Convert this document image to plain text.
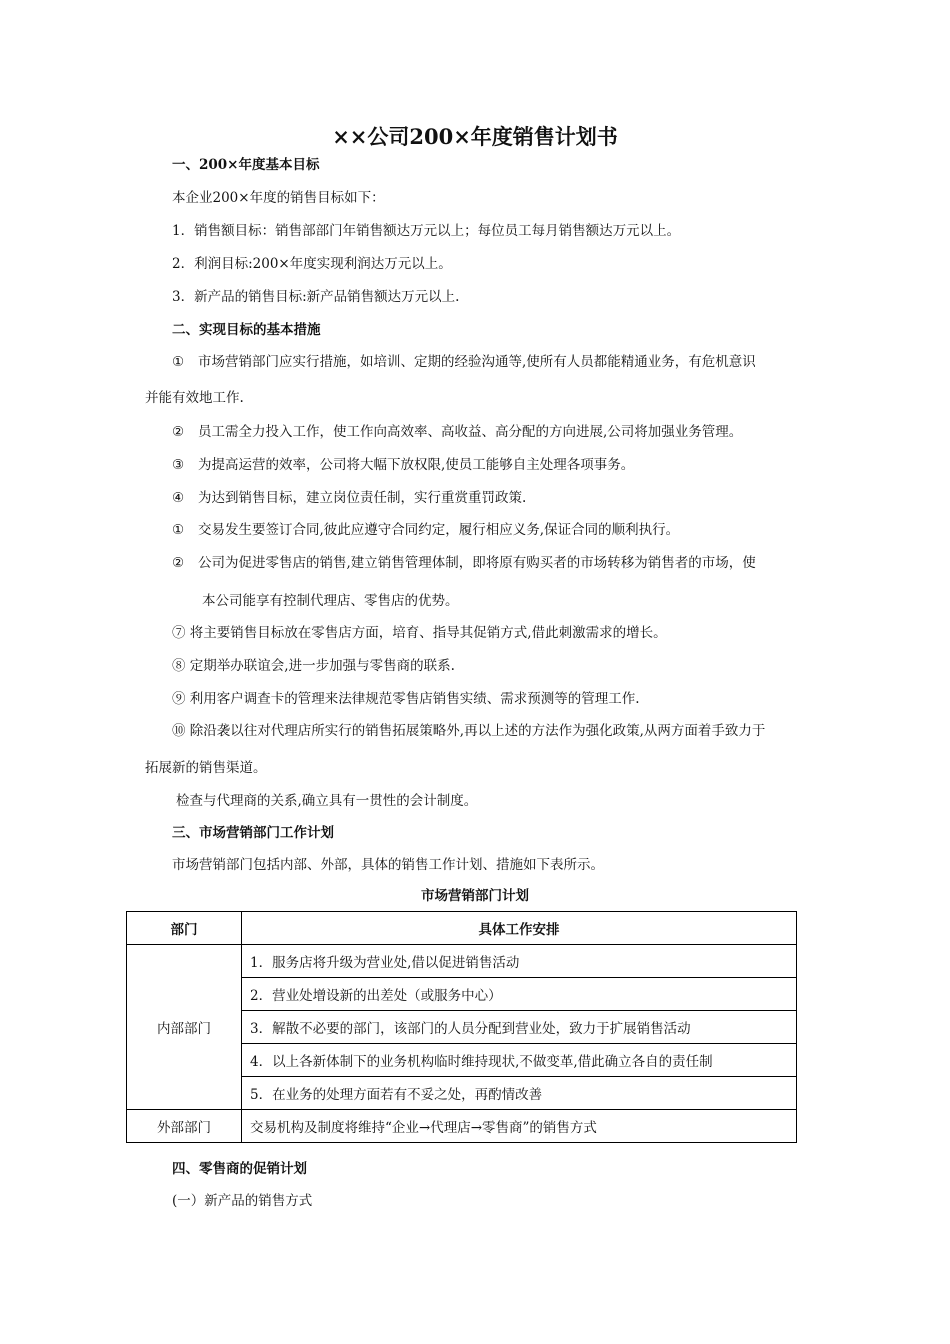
××公司200×年度销售计划书
一、200×年度基本目标
本企业200×年度的销售目标如下：
1．销售额目标：销售部部门年销售额达万元以上；每位员工每月销售额达万元以上。
2．利润目标:200×年度实现利润达万元以上。
3．新产品的销售目标:新产品销售额达万元以上.
二、实现目标的基本措施
① 市场营销部门应实行措施，如培训、定期的经验沟通等,使所有人员都能精通业务，有危机意识
并能有效地工作.
② 员工需全力投入工作，使工作向高效率、高收益、高分配的方向进展,公司将加强业务管理。
③ 为提高运营的效率，公司将大幅下放权限,使员工能够自主处理各项事务。
④ 为达到销售目标，建立岗位责任制，实行重赏重罚政策.
① 交易发生要签订合同,彼此应遵守合同约定，履行相应义务,保证合同的顺利执行。
② 公司为促进零售店的销售,建立销售管理体制，即将原有购买者的市场转移为销售者的市场，使
本公司能享有控制代理店、零售店的优势。
⑦ 将主要销售目标放在零售店方面，培育、指导其促销方式,借此刺激需求的增长。
⑧ 定期举办联谊会,进一步加强与零售商的联系.
⑨ 利用客户调查卡的管理来法律规范零售店销售实绩、需求预测等的管理工作.
⑩ 除沿袭以往对代理店所实行的销售拓展策略外,再以上述的方法作为强化政策,从两方面着手致力于
拓展新的销售渠道。
检查与代理商的关系,确立具有一贯性的会计制度。
三、市场营销部门工作计划
市场营销部门包括内部、外部，具体的销售工作计划、措施如下表所示。
市场营销部门计划
部门	具体工作安排
内部部门	1．服务店将升级为营业处,借以促进销售活动
	2．营业处增设新的出差处（或服务中心）
	3．解散不必要的部门，该部门的人员分配到营业处，致力于扩展销售活动
	4．以上各新体制下的业务机构临时维持现状,不做变革,借此确立各自的责任制
	5．在业务的处理方面若有不妥之处，再酌情改善
外部部门	交易机构及制度将维持“企业→代理店→零售商”的销售方式
四、零售商的促销计划
(一）新产品的销售方式
